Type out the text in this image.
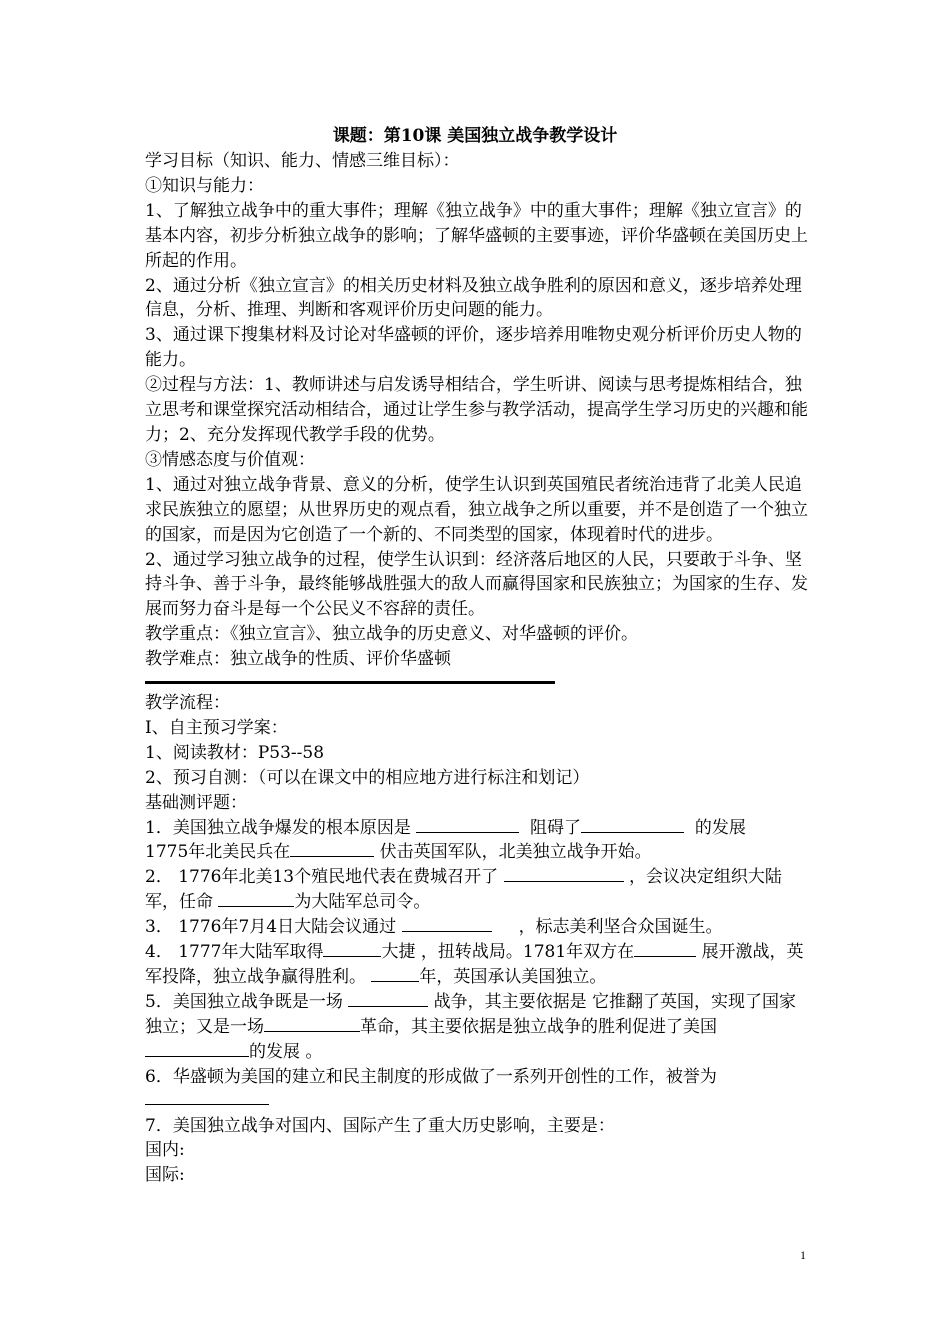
课题：第10课 美国独立战争教学设计

学习目标（知识、能力、情感三维目标）：

①知识与能力：

1、了解独立战争中的重大事件；理解《独立战争》中的重大事件；理解《独立宣言》的基本内容，初步分析独立战争的影响；了解华盛顿的主要事迹，评价华盛顿在美国历史上所起的作用。

2、通过分析《独立宣言》的相关历史材料及独立战争胜利的原因和意义，逐步培养处理信息，分析、推理、判断和客观评价历史问题的能力。

3、通过课下搜集材料及讨论对华盛顿的评价，逐步培养用唯物史观分析评价历史人物的能力。

②过程与方法：1、教师讲述与启发诱导相结合，学生听讲、阅读与思考提炼相结合，独立思考和课堂探究活动相结合，通过让学生参与教学活动，提高学生学习历史的兴趣和能力；2、充分发挥现代教学手段的优势。

③情感态度与价值观：

1、通过对独立战争背景、意义的分析，使学生认识到英国殖民者统治违背了北美人民追求民族独立的愿望；从世界历史的观点看，独立战争之所以重要，并不是创造了一个独立的国家，而是因为它创造了一个新的、不同类型的国家，体现着时代的进步。

2、通过学习独立战争的过程，使学生认识到：经济落后地区的人民，只要敢于斗争、坚持斗争、善于斗争，最终能够战胜强大的敌人而赢得国家和民族独立；为国家的生存、发展而努力奋斗是每一个公民义不容辞的责任。

教学重点：《独立宣言》、独立战争的历史意义、对华盛顿的评价。

教学难点：独立战争的性质、评价华盛顿

教学流程：

Ⅰ、自主预习学案：

1、阅读教材：P53--58

2、预习自测：（可以在课文中的相应地方进行标注和划记）

基础测评题：

1．美国独立战争爆发的根本原因是	阻碍了	的发展
1775年北美民兵在	伏击英国军队，北美独立战争开始。

2． 1776年北美13个殖民地代表在费城召开了	，会议决定组织大陆军，任命	为大陆军总司令。

3． 1776年7月4日大陆会议通过	，标志美利坚合众国诞生。

4． 1777年大陆军取得	大捷 ，扭转战局。1781年双方在	展开激战，英军投降，独立战争赢得胜利。	年，英国承认美国独立。

5．美国独立战争既是一场	战争，其主要依据是 它推翻了英国，实现了国家独立；又是一场	革命，其主要依据是独立战争的胜利促进了美国的发展 。

6．华盛顿为美国的建立和民主制度的形成做了一系列开创性的工作，被誉为

7．美国独立战争对国内、国际产生了重大历史影响，主要是：

国内:

国际:

1
